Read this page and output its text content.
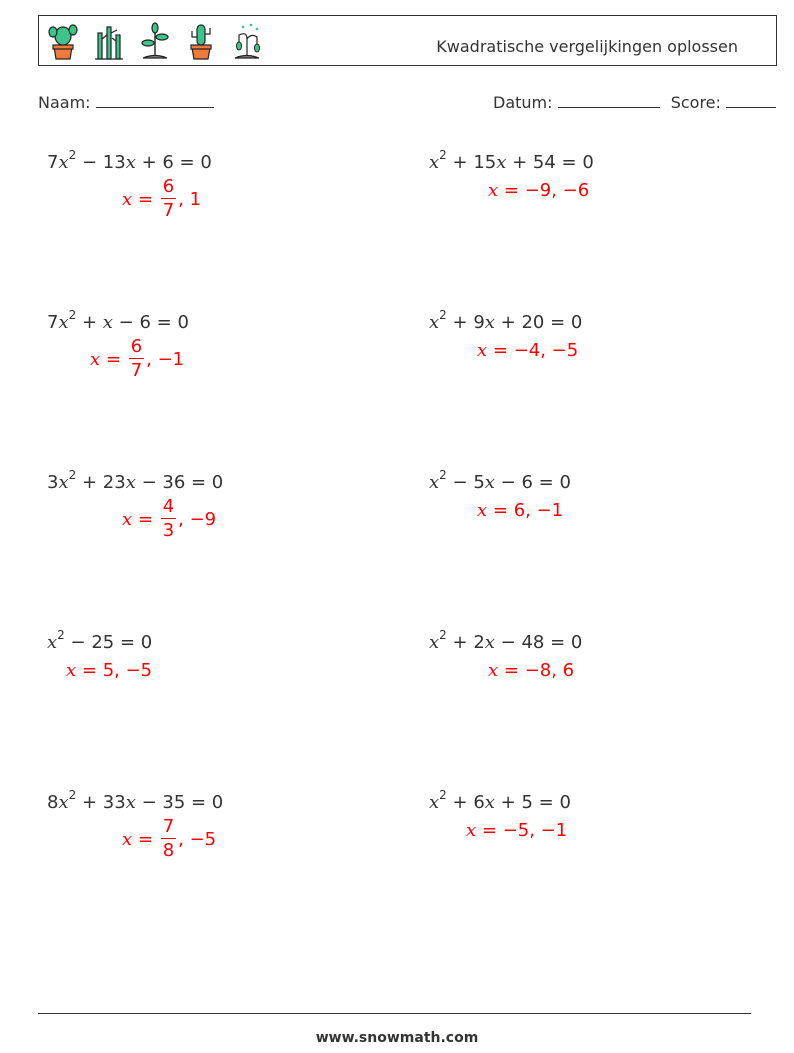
Kwadratische vergelijkingen oplossen
Naam:	Datum:	Score:
$7x^2 - 13x + 6 = 0$
$x = \frac{6}{7}$ , 1
$x^2 + 15x + 54 = 0$
x = −9, −6
$7x^2 + x - 6 = 0$
$x = \frac{6}{7}$ , −1
$x^2 + 9x + 20 = 0$
x = −4, −5
$3x^2 + 23x - 36 = 0$
$x = \frac{4}{3}$ , −9
$x^2 - 5x - 6 = 0$
x = 6, −1
$x^2 - 25 = 0$
x = 5, −5
$x^2 + 2x - 48 = 0$
x = −8, 6
$8x^2 + 33x - 35 = 0$
$x = \frac{7}{8}$ , −5
$x^2 + 6x + 5 = 0$
x = −5, −1
www.snowmath.com
